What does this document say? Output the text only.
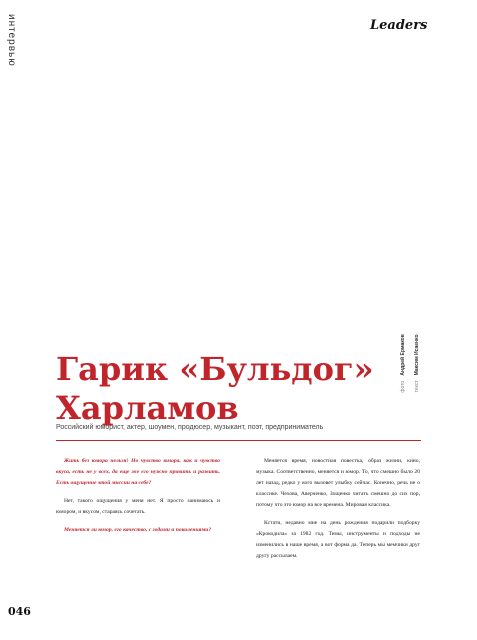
интервью	Leaders
фото Андрей Ермаков
текст Максим Исаенко
Гарик «Бульдог»
Харламов

Российский юморист, актер, шоумен, продюсер, музыкант, поэт, предприниматель

Жить без юмора нельзя! Но чувство юмора, как и чувство вкуса, есть не у всех, да еще же его нужно привить и развить. Есть ощущение этой миссии на себе?

Нет, такого ощущения у меня нет. Я просто занимаюсь и юмором, и вкусом, стараясь сочетать.

Меняется ли юмор, его качество, с годами и поколениями?

Меняется время, новостная повестка, образ жизни, кино, музыка. Соответственно, меняется и юмор. То, что смешно было 20 лет назад, редко у кого вызовет улыбку сейчас. Конечно, речь не о классике. Чехова, Аверченко, Зощенко читать смешно до сих пор, потому что это юмор на все времена. Мировая классика.

Кстати, недавно мне на день рождения подарили подборку «Крокодила» за 1982 год. Темы, инструменты и подходы не изменились в наше время, а вот форма да. Теперь мы мемчики друг другу рассылаем.

046
